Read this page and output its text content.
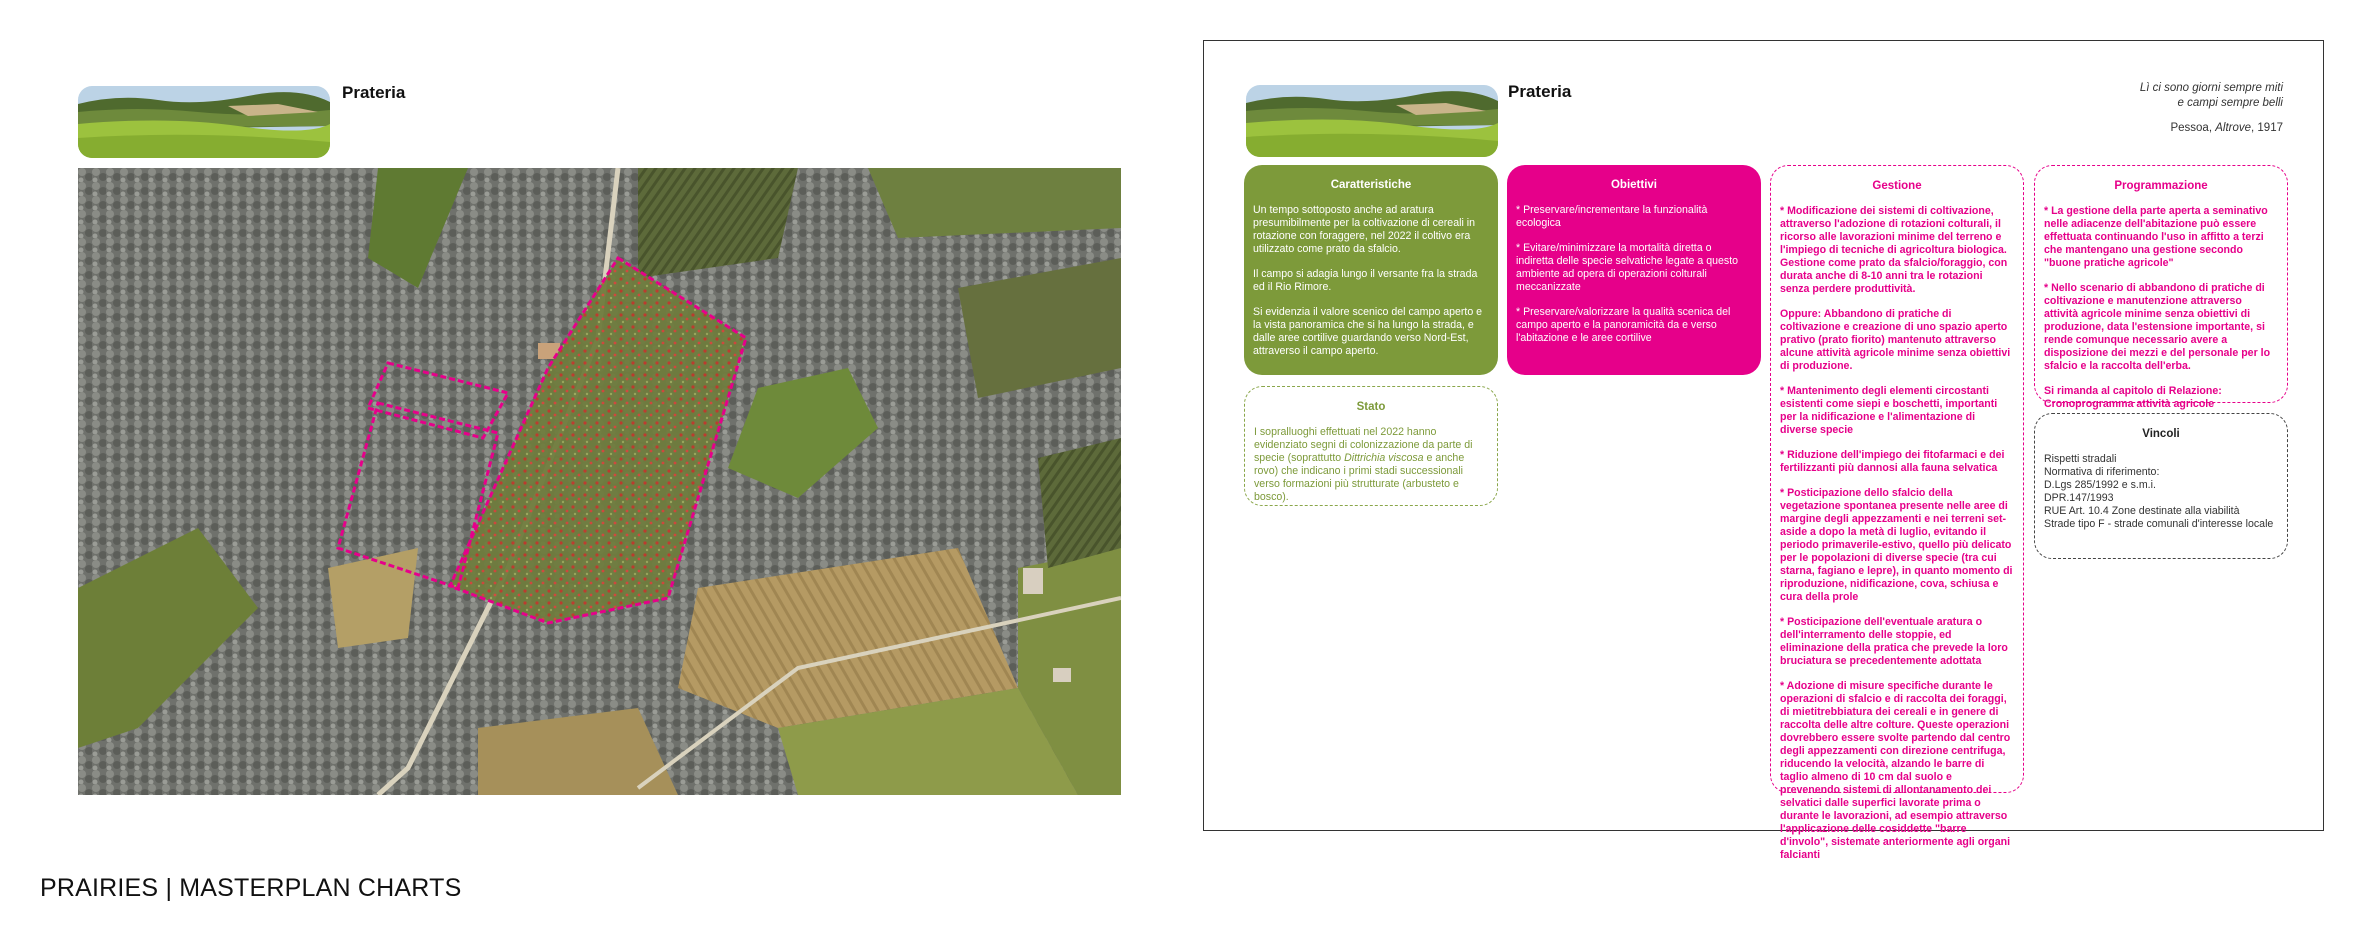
Prateria	Prateria	Lì ci sono giorni sempre miti
e campi sempre belli
Pessoa, Altrove, 1917
Caratteristiche

Un tempo sottoposto anche ad aratura presumibilmente per la coltivazione di cereali in rotazione con foraggere, nel 2022 il coltivo era utilizzato come prato da sfalcio.

Il campo si adagia lungo il versante fra la strada ed il Rio Rimore.

Si evidenzia il valore scenico del campo aperto e la vista panoramica che si ha lungo la strada, e dalle aree cortilive guardando verso Nord-Est, attraverso il campo aperto.

Obiettivi

* Preservare/incrementare la funzionalità ecologica

* Evitare/minimizzare la mortalità diretta o indiretta delle specie selvatiche legate a questo ambiente ad opera di operazioni colturali meccanizzate

* Preservare/valorizzare la qualità scenica del campo aperto e la panoramicità da e verso l'abitazione e le aree cortilive

Stato

I sopralluoghi effettuati nel 2022 hanno evidenziato segni di colonizzazione da parte di specie (soprattutto Dittrichia viscosa e anche rovo) che indicano i primi stadi successionali verso formazioni più strutturate (arbusteto e bosco).

Gestione

* Modificazione dei sistemi di coltivazione, attraverso l'adozione di rotazioni colturali, il ricorso alle lavorazioni minime del terreno e l'impiego di tecniche di agricoltura biologica. Gestione come prato da sfalcio/foraggio, con durata anche di 8-10 anni tra le rotazioni senza perdere produttività.

Oppure: Abbandono di pratiche di coltivazione e creazione di uno spazio aperto prativo (prato fiorito) mantenuto attraverso alcune attività agricole minime senza obiettivi di produzione.

* Mantenimento degli elementi circostanti esistenti come siepi e boschetti, importanti per la nidificazione e l'alimentazione di diverse specie

* Riduzione dell'impiego dei fitofarmaci e dei fertilizzanti più dannosi alla fauna selvatica

* Posticipazione dello sfalcio della vegetazione spontanea presente nelle aree di margine degli appezzamenti e nei terreni set-aside a dopo la metà di luglio, evitando il periodo primaverile-estivo, quello più delicato per le popolazioni di diverse specie (tra cui starna, fagiano e lepre), in quanto momento di riproduzione, nidificazione, cova, schiusa e cura della prole

* Posticipazione dell'eventuale aratura o dell'interramento delle stoppie, ed eliminazione della pratica che prevede la loro bruciatura se precedentemente adottata

* Adozione di misure specifiche durante le operazioni di sfalcio e di raccolta dei foraggi, di mietitrebbiatura dei cereali e in genere di raccolta delle altre colture. Queste operazioni dovrebbero essere svolte partendo dal centro degli appezzamenti con direzione centrifuga, riducendo la velocità, alzando le barre di taglio almeno di 10 cm dal suolo e prevenendo sistemi di allontanamento dei selvatici dalle superfici lavorate prima o durante le lavorazioni, ad esempio attraverso l'applicazione delle cosiddette "barre d'involo", sistemate anteriormente agli organi falcianti

Programmazione

* La gestione della parte aperta a seminativo nelle adiacenze dell'abitazione può essere effettuata continuando l'uso in affitto a terzi che mantengano una gestione secondo "buone pratiche agricole"

* Nello scenario di abbandono di pratiche di coltivazione e manutenzione attraverso attività agricole minime senza obiettivi di produzione, data l'estensione importante, si rende comunque necessario avere a disposizione dei mezzi e del personale per lo sfalcio e la raccolta dell'erba.

Si rimanda al capitolo di Relazione:
Cronoprogramma attività agricole

Vincoli
Rispetti stradali
Normativa di riferimento:
D.Lgs 285/1992 e s.m.i.
DPR.147/1993
RUE Art. 10.4 Zone destinate alla viabilità
Strade tipo F - strade comunali d'interesse locale
PRAIRIES | MASTERPLAN CHARTS
